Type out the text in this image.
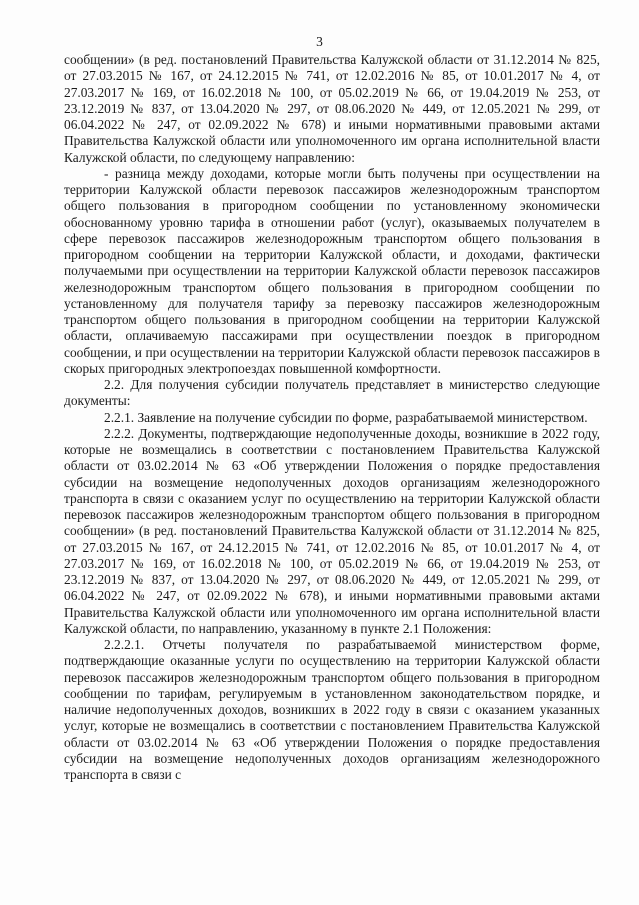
3

сообщении» (в ред. постановлений Правительства Калужской области от 31.12.2014 № 825, от 27.03.2015 № 167, от 24.12.2015 № 741, от 12.02.2016 № 85, от 10.01.2017 № 4, от 27.03.2017 № 169, от 16.02.2018 № 100, от 05.02.2019 № 66, от 19.04.2019 № 253, от 23.12.2019 № 837, от 13.04.2020 № 297, от 08.06.2020 № 449, от 12.05.2021 № 299, от 06.04.2022 № 247, от 02.09.2022 № 678) и иными нормативными правовыми актами Правительства Калужской области или уполномоченного им органа исполнительной власти Калужской области, по следующему направлению:

- разница между доходами, которые могли быть получены при осуществлении на территории Калужской области перевозок пассажиров железнодорожным транспортом общего пользования в пригородном сообщении по установленному экономически обоснованному уровню тарифа в отношении работ (услуг), оказываемых получателем в сфере перевозок пассажиров железнодорожным транспортом общего пользования в пригородном сообщении на территории Калужской области, и доходами, фактически получаемыми при осуществлении на территории Калужской области перевозок пассажиров железнодорожным транспортом общего пользования в пригородном сообщении по установленному для получателя тарифу за перевозку пассажиров железнодорожным транспортом общего пользования в пригородном сообщении на территории Калужской области, оплачиваемую пассажирами при осуществлении поездок в пригородном сообщении, и при осуществлении на территории Калужской области перевозок пассажиров в скорых пригородных электропоездах повышенной комфортности.

2.2. Для получения субсидии получатель представляет в министерство следующие документы:

2.2.1. Заявление на получение субсидии по форме, разрабатываемой министерством.

2.2.2. Документы, подтверждающие недополученные доходы, возникшие в 2022 году, которые не возмещались в соответствии с постановлением Правительства Калужской области от 03.02.2014 № 63 «Об утверждении Положения о порядке предоставления субсидии на возмещение недополученных доходов организациям железнодорожного транспорта в связи с оказанием услуг по осуществлению на территории Калужской области перевозок пассажиров железнодорожным транспортом общего пользования в пригородном сообщении» (в ред. постановлений Правительства Калужской области от 31.12.2014 № 825, от 27.03.2015 № 167, от 24.12.2015 № 741, от 12.02.2016 № 85, от 10.01.2017 № 4, от 27.03.2017 № 169, от 16.02.2018 № 100, от 05.02.2019 № 66, от 19.04.2019 № 253, от 23.12.2019 № 837, от 13.04.2020 № 297, от 08.06.2020 № 449, от 12.05.2021 № 299, от 06.04.2022 № 247, от 02.09.2022 № 678), и иными нормативными правовыми актами Правительства Калужской области или уполномоченного им органа исполнительной власти Калужской области, по направлению, указанному в пункте 2.1 Положения:

2.2.2.1. Отчеты получателя по разрабатываемой министерством форме, подтверждающие оказанные услуги по осуществлению на территории Калужской области перевозок пассажиров железнодорожным транспортом общего пользования в пригородном сообщении по тарифам, регулируемым в установленном законодательством порядке, и наличие недополученных доходов, возникших в 2022 году в связи с оказанием указанных услуг, которые не возмещались в соответствии с постановлением Правительства Калужской области от 03.02.2014 № 63 «Об утверждении Положения о порядке предоставления субсидии на возмещение недополученных доходов организациям железнодорожного транспорта в связи с
